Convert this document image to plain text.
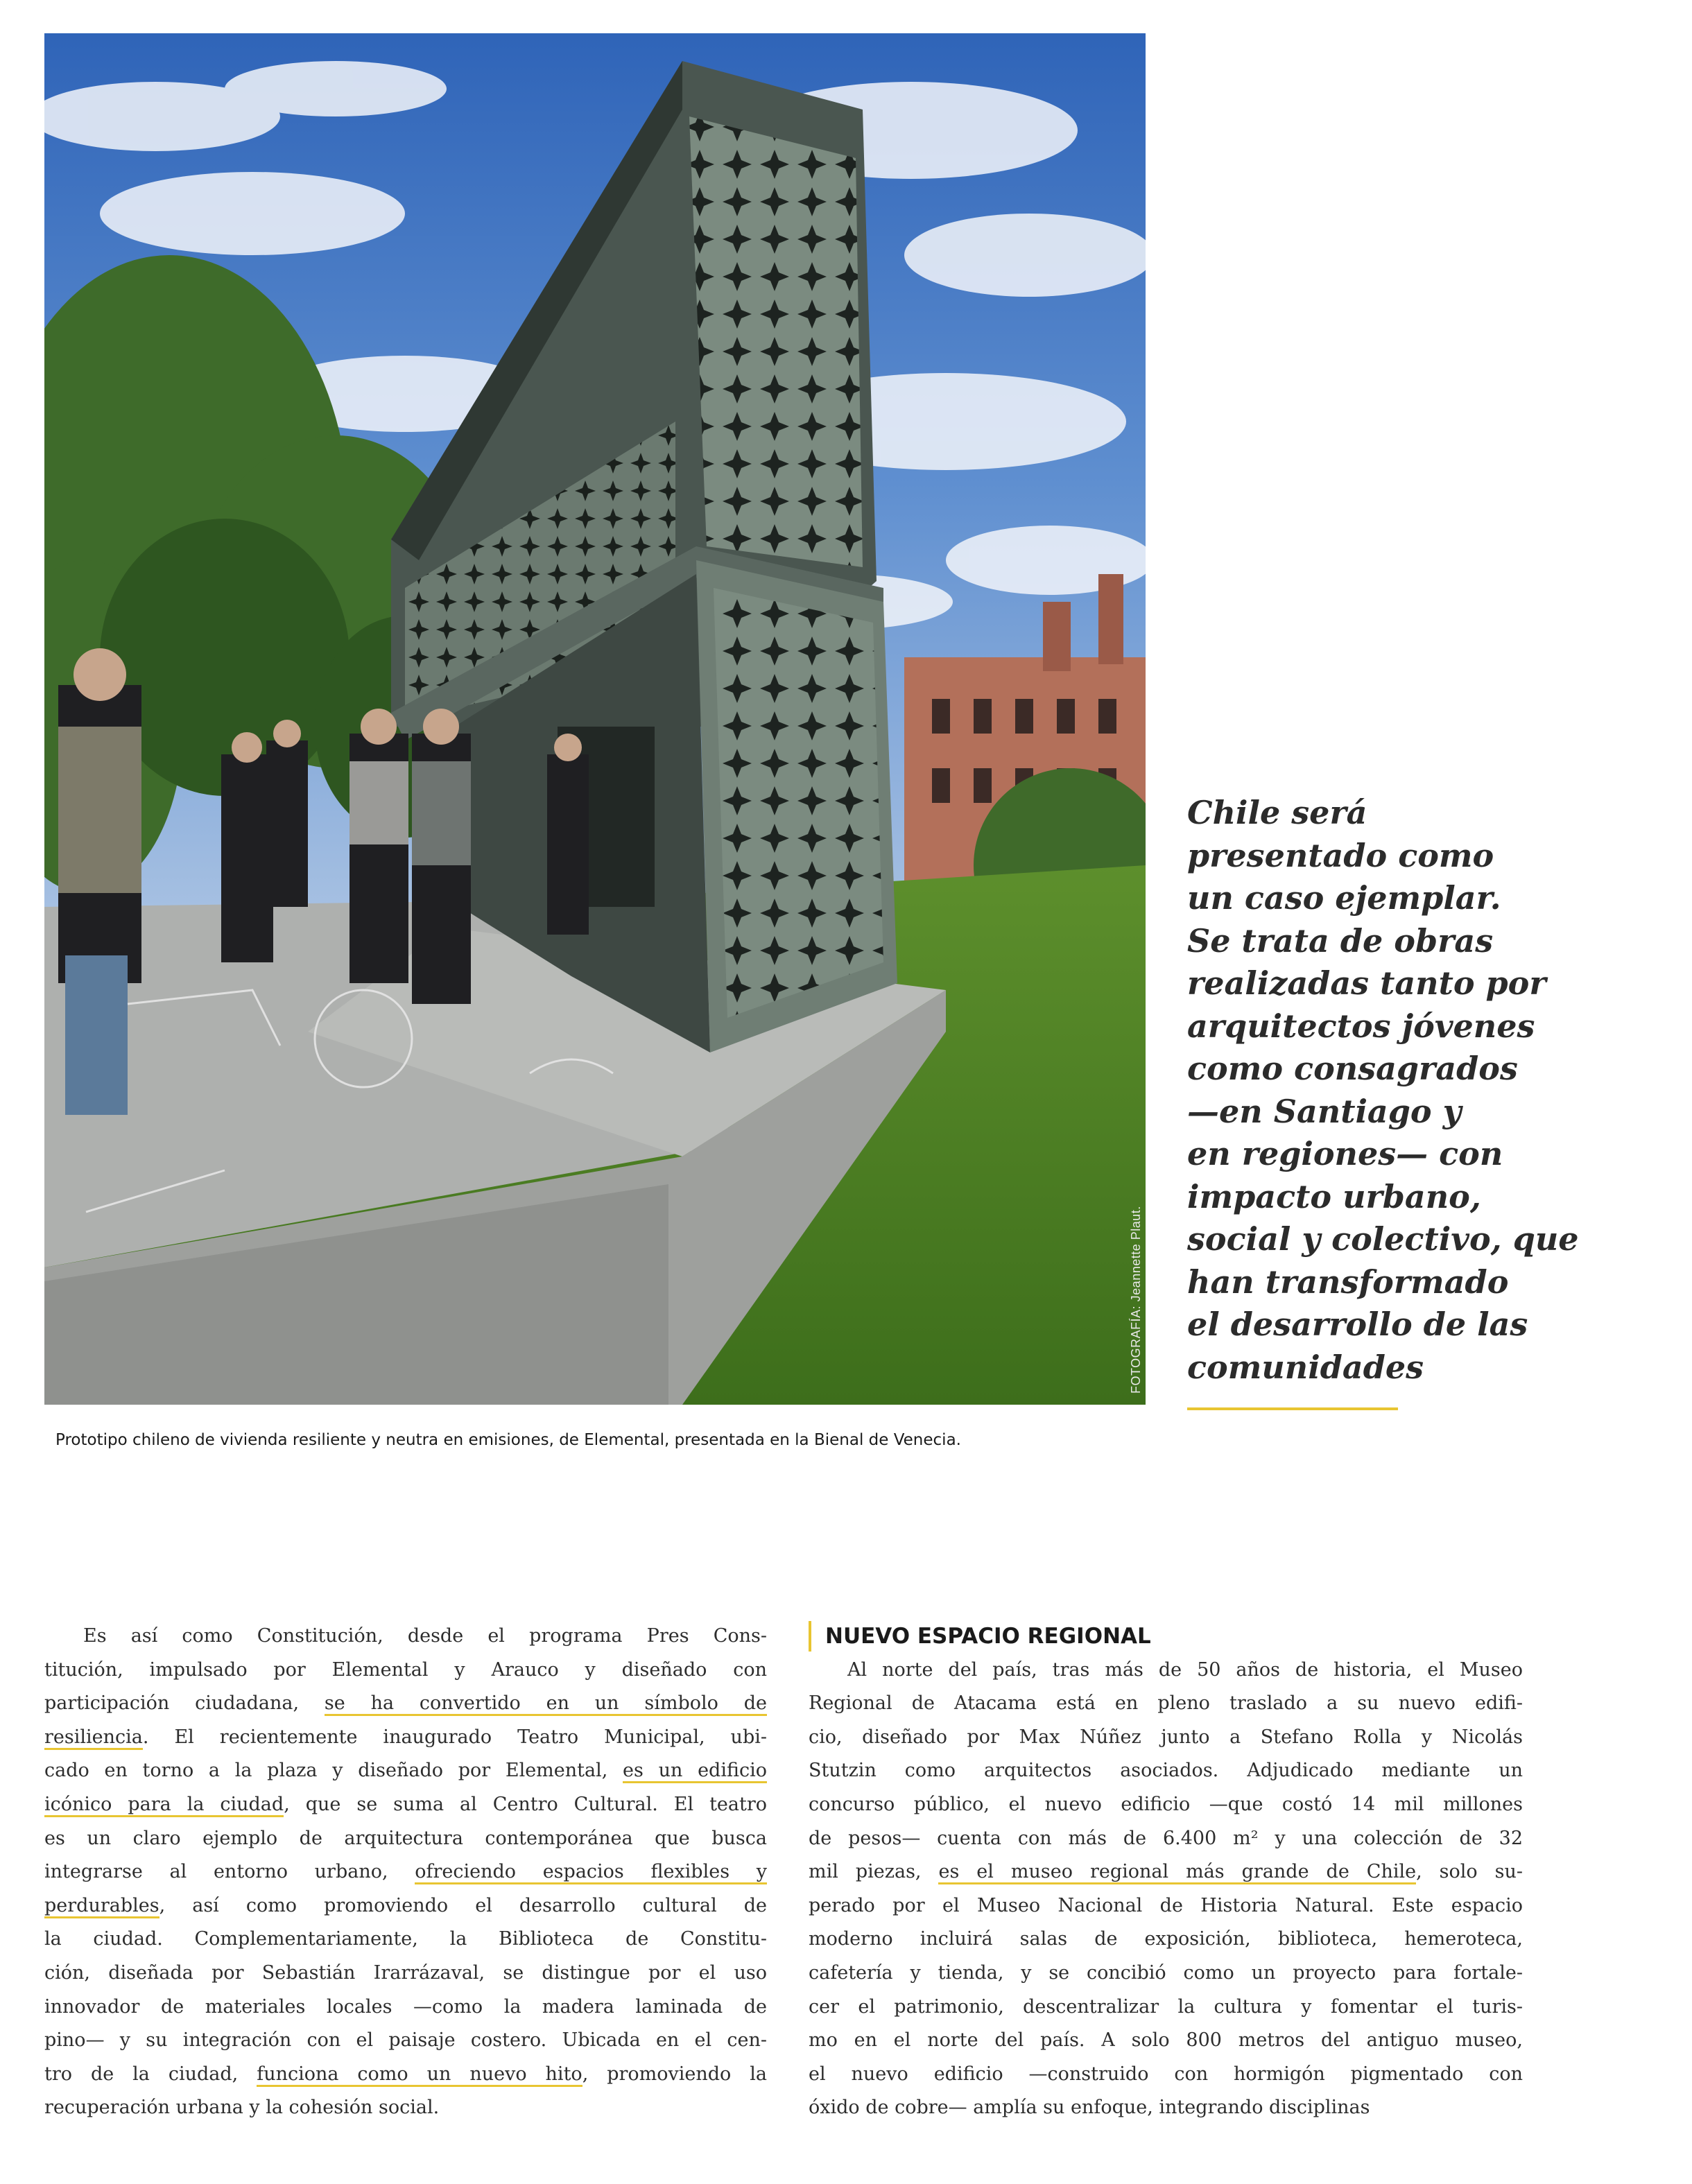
FOTOGRAFÍA: Jeannette Plaut.
Prototipo chileno de vivienda resiliente y neutra en emisiones, de Elemental, presentada en la Bienal de Venecia.
Chile será
presentado como
un caso ejemplar.
Se trata de obras
realizadas tanto por
arquitectos jóvenes
como consagrados
—en Santiago y
en regiones— con
impacto urbano,
social y colectivo, que
han transformado
el desarrollo de las
comunidades
Es así como Constitución, desde el programa Pres Cons-
titución, impulsado por Elemental y Arauco y diseñado con
participación ciudadana, se ha convertido en un símbolo de
resiliencia. El recientemente inaugurado Teatro Municipal, ubi-
cado en torno a la plaza y diseñado por Elemental, es un edificio
icónico para la ciudad, que se suma al Centro Cultural. El teatro
es un claro ejemplo de arquitectura contemporánea que busca
integrarse al entorno urbano, ofreciendo espacios flexibles y
perdurables, así como promoviendo el desarrollo cultural de
la ciudad. Complementariamente, la Biblioteca de Constitu-
ción, diseñada por Sebastián Irarrázaval, se distingue por el uso
innovador de materiales locales —como la madera laminada de
pino— y su integración con el paisaje costero. Ubicada en el cen-
tro de la ciudad, funciona como un nuevo hito, promoviendo la
recuperación urbana y la cohesión social.
NUEVO ESPACIO REGIONAL
Al norte del país, tras más de 50 años de historia, el Museo
Regional de Atacama está en pleno traslado a su nuevo edifi-
cio, diseñado por Max Núñez junto a Stefano Rolla y Nicolás
Stutzin como arquitectos asociados. Adjudicado mediante un
concurso público, el nuevo edificio —que costó 14 mil millones
de pesos— cuenta con más de 6.400 m² y una colección de 32
mil piezas, es el museo regional más grande de Chile, solo su-
perado por el Museo Nacional de Historia Natural. Este espacio
moderno incluirá salas de exposición, biblioteca, hemeroteca,
cafetería y tienda, y se concibió como un proyecto para fortale-
cer el patrimonio, descentralizar la cultura y fomentar el turis-
mo en el norte del país. A solo 800 metros del antiguo museo,
el nuevo edificio —construido con hormigón pigmentado con
óxido de cobre— amplía su enfoque, integrando disciplinas
